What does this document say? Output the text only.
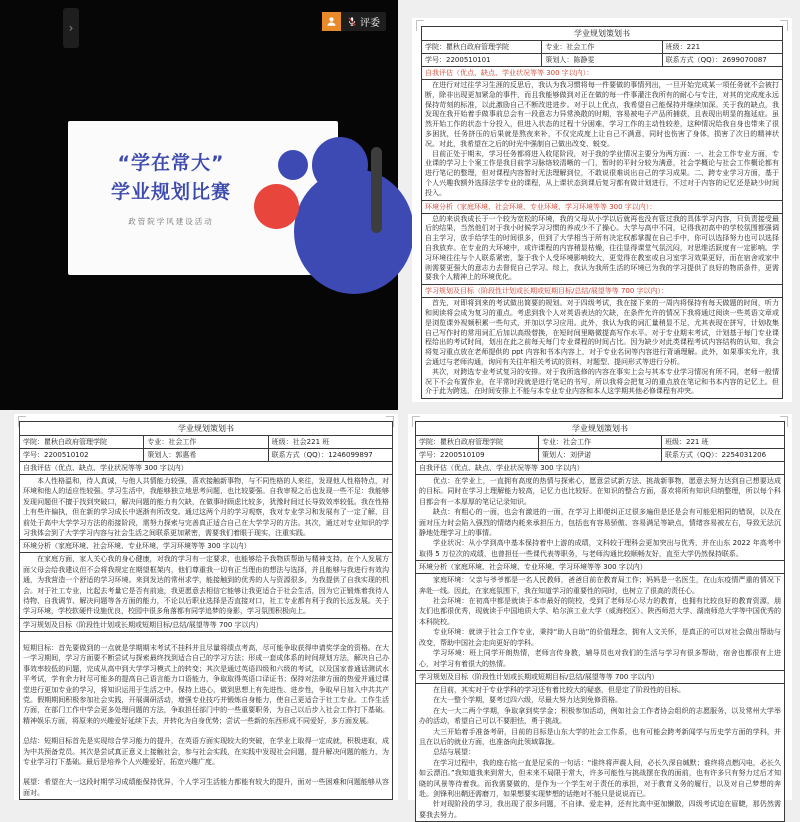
›	评委
“学在常大”
学业规划比赛
政管院学风建设活动
学业规划策划书		
学院：瞿秋白政府管理学院	专业：社会工作	班级：221
学号：2200510101	策划人：陈静雯	联系方式（QQ）：2699070087
自我评估（优点、缺点、学业状况等等 300 字以内）：		

在进行对过往学习生涯的反思后，我认为我习惯将每一件要做的事情列出，一旦开始完成某一项任务就不会被打断，除非出现更加紧急的事件，而且我能够做到对正在做的每一件事灌注我所有的耐心与专注，对其的完成度永远保持苛刻的标准，以此激励自己不断改进进步。对于以上优点，我希望自己能保持并继续加深。关于我的缺点，我发现在我开始着手做事前总会有一段意志力异常涣散的时期，容易被电子产品所捕获，且表现出明显的拖延症。虽然开始工作的状态十分投入，但进入状态的过程十分困难，学习工作的主动性较差，这种情况给我自身也带来了很多困扰，任务挤压的后果就是熬夜来补，不仅完成度上让自己不满意，同时也伤害了身体，损害了次日的精神状况。对此，我希望在之后的时光中强制自己做出改变、蜕变。

目前正处于期末，学习任务都将进入收尾阶段，对于我的学业情况主要分为两方面：一、社会工作专业方面，专业课的学习上个案工作是我目前学习脉络较清晰的一门，暂时的平时分较为满意，社会学概论与社会工作概论都有进行笔记的整理，但对课程内容暂时无法理解到位，不敢说很难说出自己的学习成果。二、跨专业学习方面，基于个人兴趣我额外选择法学专业的课程，从上课状态到课后复习都有做计划进行，不过对于内容的记忆还是缺少时间投入。		

环境分析（家庭环境、社会环境、专业环境、学习环境等等 300 字以内）：		

总的来说我成长于一个较为宽松的环境，我的父母从小学以后就再也没有管过我的具体学习内容，只负责接受最后的结果，当然他们对于我小时候学习习惯的养成少不了操心。大学与高中不同，记得我初高中的学校氛围都强调自主学习，放手给学生的时间很多，但到了大学相当于所有决定权都掌握在自己手中，你可以选择努力也可以选择自我放弃。在专业的大环境中，或许课程的内容稍显枯燥，往往显得课堂气氛沉闷，对思维活跃度有一定影响。学习环境往往与个人联系紧密，鉴于我个人受环境影响较大，更觉得在教室或自习室学习效果更好，而在宿舍或家中则需要更强大的意志力去督促自己学习。综上，我认为我所生活的环境已为我的学习提供了良好的物质条件，更需要我个人精神上的环境优化。		

学习规划及目标（阶段性计划或长期或短期目标/总结/展望等等 700 字以内）：		

首先，对即将到来的考试做出简要的规划。对于四级考试，我在接下来的一周内将保持有每天做题的时间，听力和阅读将会成为复习的重点。考虑到我个人对英语表达的欠缺，在条件允许的情况下我将通过阅读一些英语文章或是浏览课外视频积累一些句式，并加以学习应用。此外，我认为我的词汇量稍显不足，尤其表现在拼写，计划收集自己写作时的常用词汇后加以高级替换，在短时间里略微提高写作水平。对于专业期末考试，计划基于每门专业课程给出的考试时间，划出在此之前每天每门专业课程的时间占比。因为缺少对此类课程考试内容结构的认知，我会将复习重点放在老师提供的 ppt 内容和书本内容上，对于专业名词等内容进行背诵理解。此外，如果事实允许，我会通过与老师沟通，询问有关往年相关考试的资料，对题型、提问形式等进行分析。

其次，对跨选专业考试复习的安排。对于我所选修的内容在事实上会与其本专业学习情况有所不同，老师一般情况下不会布置作业，在平常时段就是进行笔记的书写，所以我将会把复习的重点放在笔记和书本内容的记忆上。但介于此为跨选，在时间安排上不能与本专业专业内容和本人这学期其他必修课程有冲突。		

学业规划策划书		
学院：瞿秋白政府管理学院	专业：社会工作	班级：社会221 班
学号：2200510102	策划人：郭惠希	联系方式（QQ）：1246099897
自我评估（优点、缺点、学业状况等等 300 字以内）		

本人性格温和，待人真诚，与他人共情能力较强，喜欢接触新事物，与不同性格的人来往，发现他人性格特点，对环境和他人的适应性较强。学习生活中，我能够独立地思考问题，也比较要强。自我审视之后也发现一些不足：我能够发现问题但不擅于找到突破口，解决问题的能力有欠缺，在做事时顾虑比较多，犹豫时间过长导致效率较低。我在性格上有些许偏执，但在新的学习成长中逐渐有所改变。通过这两个月的学习观察，我对专业学习和发展有了一定了解，目前处于高中大学学习方法的衔接阶段，需努力探索与完善真正适合自己在大学学习的方法。其次，通过对专业知识的学习我体会到了大学学习内容与社会生活之间联系更加紧密，需要我们着眼于现实，注重实践。		

环境分析（家庭环境、社会环境、专业环境、学习环境等等 300 字以内）		

在家庭方面，家人关心我的身心健康，对我的学习有一定要求，也能够给予我物质帮助与精神支持。在个人发展方面父母会给我建议但不会将我规定在期望框架内，他们尊重我一切有正当理由的想法与选择，并且能够与我进行有效沟通，为我营造一个舒适的学习环境。来到发达的常州求学，能接触到的优秀的人与资源很多，为我提供了自我实现的机会。对于社工专业，比起去考量它是否有前途，我更愿意去相信它能够让我更适合于社会生活，因为它正锻炼着我待人待物、自我调节、解决问题等各方面的能力，不论以后职业选择是否直接对口，社工专业都有利于我的长远发展。关于学习环境，学校软硬件设施优良，校园中很多角落都有同学追梦的身影，学习氛围积极向上。		

学习规划及目标（阶段性计划或长期或短期目标/总结/展望等等 700 字以内）		

短期目标：首先要做到的一点就是学期期末考试不挂科并且尽量将绩点考高，尽可能争取获得申请奖学金的资格。在大一学习期间，学习方面要不断尝试与探索最终找到适合自己的学习方法；形成一套成体系的时间规划方法，解决自己办事效率较低的问题，完成从高中到大学学习模式上的转变；其次是通过英语四级和六级的考试，以及国家普通话测试水平考试，学有余力时尽可能多的提高自己语言能力口语能力，争取取得英语口译证书；保持对法律方面的热爱并通过课堂进行更加专业的学习，将知识运用于生活之中。保持上进心，做到思想上有先进性、进步性，争取早日加入中共共产党。假期期间积极参加社会实践，开展调研活动，增强专业技巧并锻炼自身能力，使自己更适合于社工专业。工作生活方面，在部门工作中学会更多处理问题的方法，争取担任部门中的一些重要职务，为自己以后步入社会工作打下基础。精神娱乐方面，将原来的兴趣爱好延续下去，并转化为自身优势；尝试一些新的东西形成不同爱好，多方面发展。

总结：短期目标首先是实现综合学习能力的提升，在英语方面实现较大的突破，在学业上取得一定成就，积极进取，成为中共预备党员。其次是尝试真正意义上接触社会，参与社会实践，在实践中发现社会问题，提升解决问题的能力，为专业学习打下基础。最后是培养个人兴趣爱好，拓宽兴趣广度。

展望：希望在大一这段时期学习成绩能保持优异，个人学习生活能力都能有较大的提升，面对一些困难和问题能够从容面对。		

学业规划策划书		
学院：瞿秋白政府管理学院	专业：社会工作	班级：221 班
学号：2200510109	策划人：刘伊诺	联系方式（QQ）：2254031206
自我评估（优点、缺点、学业状况等等 300 字以内）		

优点：在学业上，一直拥有高度的热情与探索心，愿意尝试新方法、挑战新事物，愿意去努力达到自己想要达成的目标。同时在学习上理解能力较高，记忆力也比较好。在知识的整合方面，喜欢将所有知识归纳整理，所以每个科目都会有一本厚厚的笔记记录知识。

缺点：有粗心的一面，也会有激进的一面，在学习上即便纠正过很多遍但是还是会有可能犯相同的错误，以及在面对压力时会陷入强烈的情绪内耗来承担压力，包括也有容易骄傲、容易满足等缺点，情绪容易被左右，导致无法沉静地处理学习上的事情。

学业状况：从小学到高中基本保持着中上游的成绩，文科较于理科会更加突出与优秀，并在山东 2022 年高考中取得 5 万位次的成绩，也曾担任一些课代表等职务，与老师沟通比较顺畅友好，直至大学仍然保持联系。		

环境分析（家庭环境、社会环境、专业环境、学习环境等等 300 字以内）		

家庭环境：父亲与爷爷都是一名人民教师，爸爸目前在教育局工作；妈妈是一名医生，在山东疫情严重的情况下奔赴一线。因此，在家庭氛围下，我在知道学习的重要性的同时，也树立了很高的责任心。

社会环境：在初高中都是就读于本市最好的院校，受到了老师尽心尽力的教育，也拥有比较良好的教育资源，朋友们也都很优秀，现就读于中国地质大学、哈尔滨工业大学（威海校区）、陕西师范大学、湖南师范大学等中国优秀的本科院校。

专业环境：就读于社会工作专业，秉持“助人自助”的价值理念，拥有人文关怀，是真正的可以对社会做出帮助与改变，帮助中国社会走向更好的学科。

学习环境：班上同学开朗热情，老师言传身教，辅导员也对我们的生活与学习有很多帮助，宿舍也都很有上进心，对学习有着很大的热情。		

学习规划及目标（阶段性计划或长期或短期目标/总结/展望等等 700 字以内）		

在目前，其实对于专业学科的学习还有着比较大的疑惑，但是定了阶段性的目标。

在大一整个学期，要考过四六级，尽最大努力达到免修资格。

在大一大二两个学期，争取拿到奖学金；积极参加活动，例如社会工作者协会组织的志愿服务，以及常州大学举办的活动，希望自己可以不要胆怯，勇于挑战。

大三开始着手准备考研，目前的目标是山东大学的社会工作系，也有可能会跨考新闻学与历史学方面的学科，并且在以后的就业方面，也准备向此领域靠拢。

总结与展望：

在学习过程中，我的座右铭一直是尼采的一句话：“谁终将声震人间，必长久深自缄默；谁终将点燃闪电，必长久如云漂泊。”我知道我来到常大，但未来不局限于常大，许多可能性与挑战摆在我的面前，也有许多只有努力过后才知晓的风景等待着我。而我需要做的，是作为一个学生对于责任的承担，对于教育义务的履行，以及对自己梦想的奔赴。剑锋利出鞘还需磨刀，如果想要实现梦想的话绝对不能只是说说而已。

针对现阶段的学习，我出现了很多问题，不自律、爱走神，还有比高中更加懒散，四级考试迫在眉睫，那仍然需要我去努力。
